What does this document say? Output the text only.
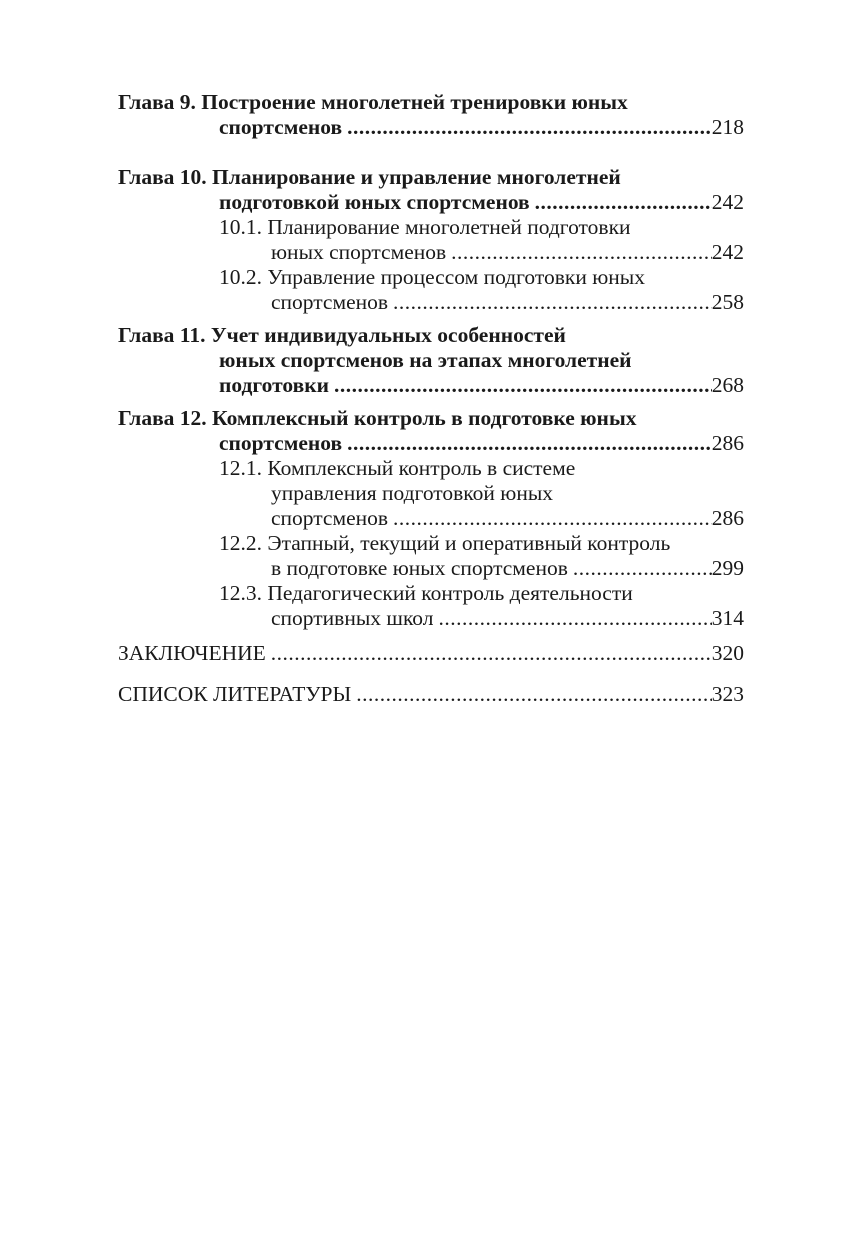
Глава 9. Построение многолетней тренировки юных
спортсменов .....	218
Глава 10. Планирование и управление многолетней
подготовкой юных спортсменов .....	242
10.1. Планирование многолетней подготовки
юных спортсменов .....	242
10.2. Управление процессом подготовки юных
спортсменов .....	258
Глава 11. Учет индивидуальных особенностей
юных спортсменов на этапах многолетней
подготовки .....	268
Глава 12. Комплексный контроль в подготовке юных
спортсменов .....	286
12.1. Комплексный контроль в системе
управления подготовкой юных
спортсменов .....	286
12.2. Этапный, текущий и оперативный контроль
в подготовке юных спортсменов .....	299
12.3. Педагогический контроль деятельности
спортивных школ .....	314
ЗАКЛЮЧЕНИЕ .....	320
СПИСОК ЛИТЕРАТУРЫ .....	323
